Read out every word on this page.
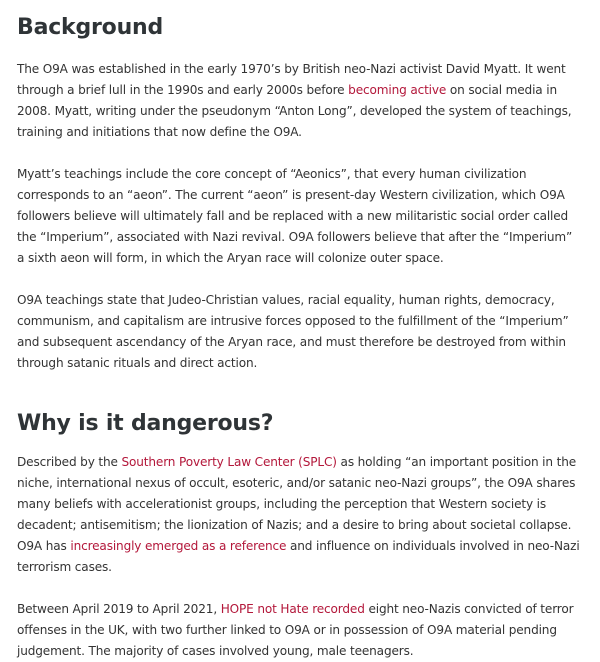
Background

The O9A was established in the early 1970’s by British neo-Nazi activist David Myatt. It went through a brief lull in the 1990s and early 2000s before becoming active on social media in 2008. Myatt, writing under the pseudonym “Anton Long”, developed the system of teachings, training and initiations that now define the O9A.

Myatt’s teachings include the core concept of “Aeonics”, that every human civilization corresponds to an “aeon”. The current “aeon” is present-day Western civilization, which O9A followers believe will ultimately fall and be replaced with a new militaristic social order called the “Imperium”, associated with Nazi revival. O9A followers believe that after the “Imperium” a sixth aeon will form, in which the Aryan race will colonize outer space.

O9A teachings state that Judeo-Christian values, racial equality, human rights, democracy, communism, and capitalism are intrusive forces opposed to the fulfillment of the “Imperium” and subsequent ascendancy of the Aryan race, and must therefore be destroyed from within through satanic rituals and direct action.

Why is it dangerous?

Described by the Southern Poverty Law Center (SPLC) as holding “an important position in the niche, international nexus of occult, esoteric, and/or satanic neo-Nazi groups”, the O9A shares many beliefs with accelerationist groups, including the perception that Western society is decadent; antisemitism; the lionization of Nazis; and a desire to bring about societal collapse. O9A has increasingly emerged as a reference and influence on individuals involved in neo-Nazi terrorism cases.

Between April 2019 to April 2021, HOPE not Hate recorded eight neo-Nazis convicted of terror offenses in the UK, with two further linked to O9A or in possession of O9A material pending judgement. The majority of cases involved young, male teenagers.
